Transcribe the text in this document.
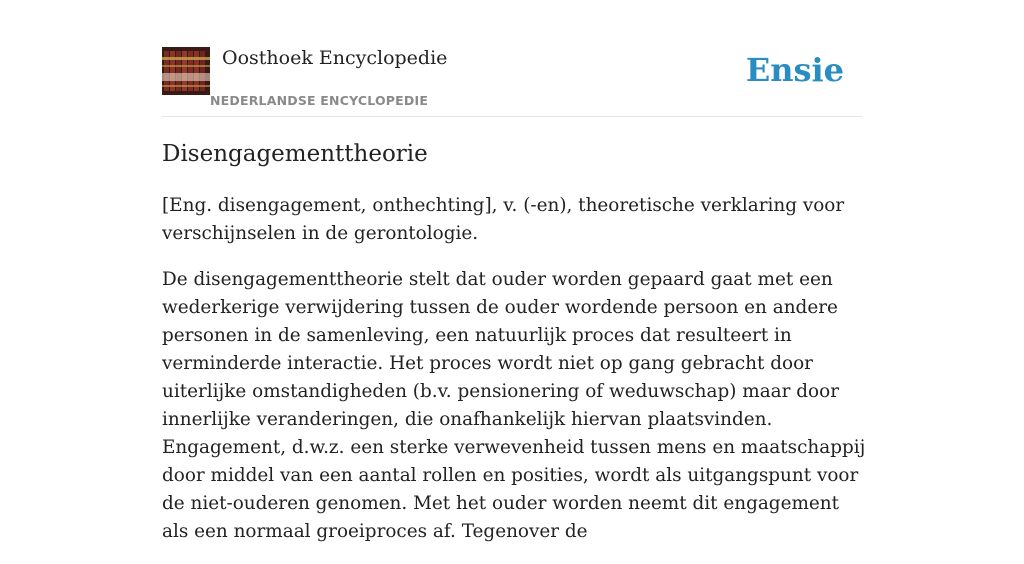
Oosthoek Encyclopedie
NEDERLANDSE ENCYCLOPEDIE
Ensie
Disengagementtheorie

[Eng. disengagement, onthechting], v. (-en), theoretische verklaring voor verschijnselen in de gerontologie.

De disengagementtheorie stelt dat ouder worden gepaard gaat met een wederkerige verwijdering tussen de ouder wordende persoon en andere personen in de samenleving, een natuurlijk proces dat resulteert in verminderde interactie. Het proces wordt niet op gang gebracht door uiterlijke omstandigheden (b.v. pensionering of weduwschap) maar door innerlijke veranderingen, die onafhankelijk hiervan plaatsvinden. Engagement, d.w.z. een sterke verwevenheid tussen mens en maatschappij door middel van een aantal rollen en posities, wordt als uitgangspunt voor de niet-ouderen genomen. Met het ouder worden neemt dit engagement als een normaal groeiproces af. Tegenover de
